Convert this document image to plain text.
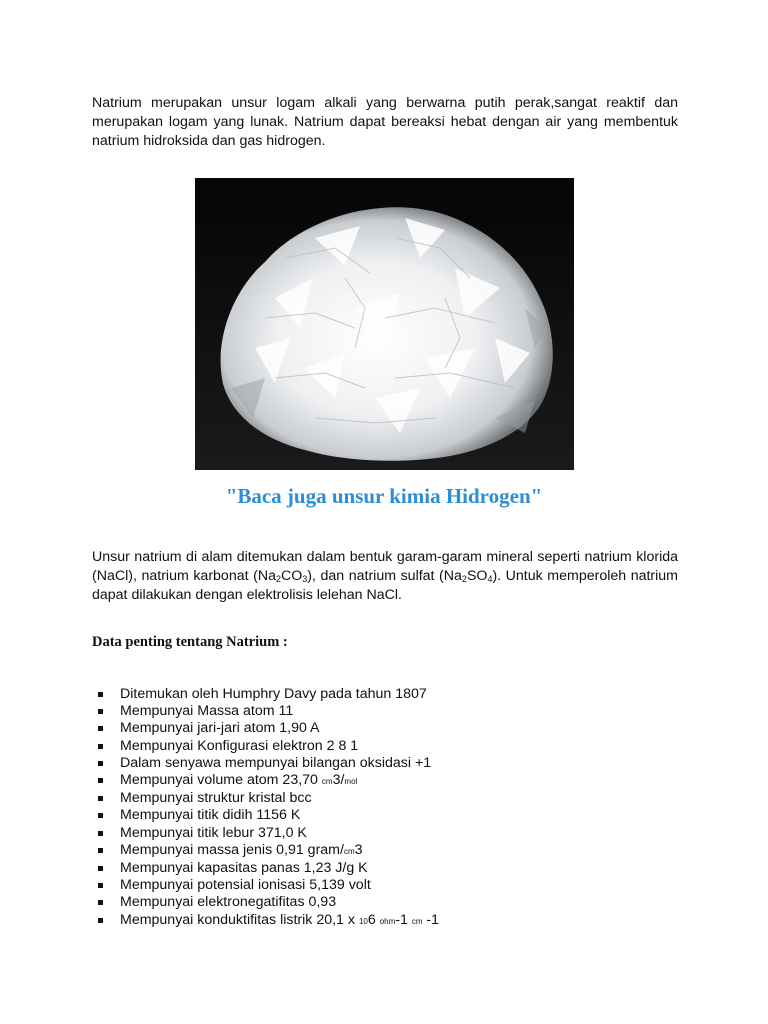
Natrium merupakan unsur logam alkali yang berwarna putih perak,sangat reaktif dan merupakan logam yang lunak. Natrium dapat bereaksi hebat dengan air yang membentuk natrium hidroksida dan gas hidrogen.

"Baca juga unsur kimia Hidrogen"

Unsur natrium di alam ditemukan dalam bentuk garam-garam mineral seperti natrium klorida (NaCl), natrium karbonat $(Na_2CO_3)$, dan natrium sulfat $(Na_2SO_4)$. Untuk memperoleh natrium dapat dilakukan dengan elektrolisis lelehan NaCl.

Data penting tentang Natrium :
Ditemukan oleh Humphry Davy pada tahun 1807
Mempunyai Massa atom 11
Mempunyai jari-jari atom 1,90 A
Mempunyai Konfigurasi elektron 2 8 1
Dalam senyawa mempunyai bilangan oksidasi +1
Mempunyai volume atom 23,70 cm3/mol
Mempunyai struktur kristal bcc
Mempunyai titik didih 1156 K
Mempunyai titik lebur 371,0 K
Mempunyai massa jenis 0,91 gram/cm3
Mempunyai kapasitas panas 1,23 J/g K
Mempunyai potensial ionisasi 5,139 volt
Mempunyai elektronegatifitas 0,93
Mempunyai konduktifitas listrik 20,1 x 106 ohm-1 cm -1
